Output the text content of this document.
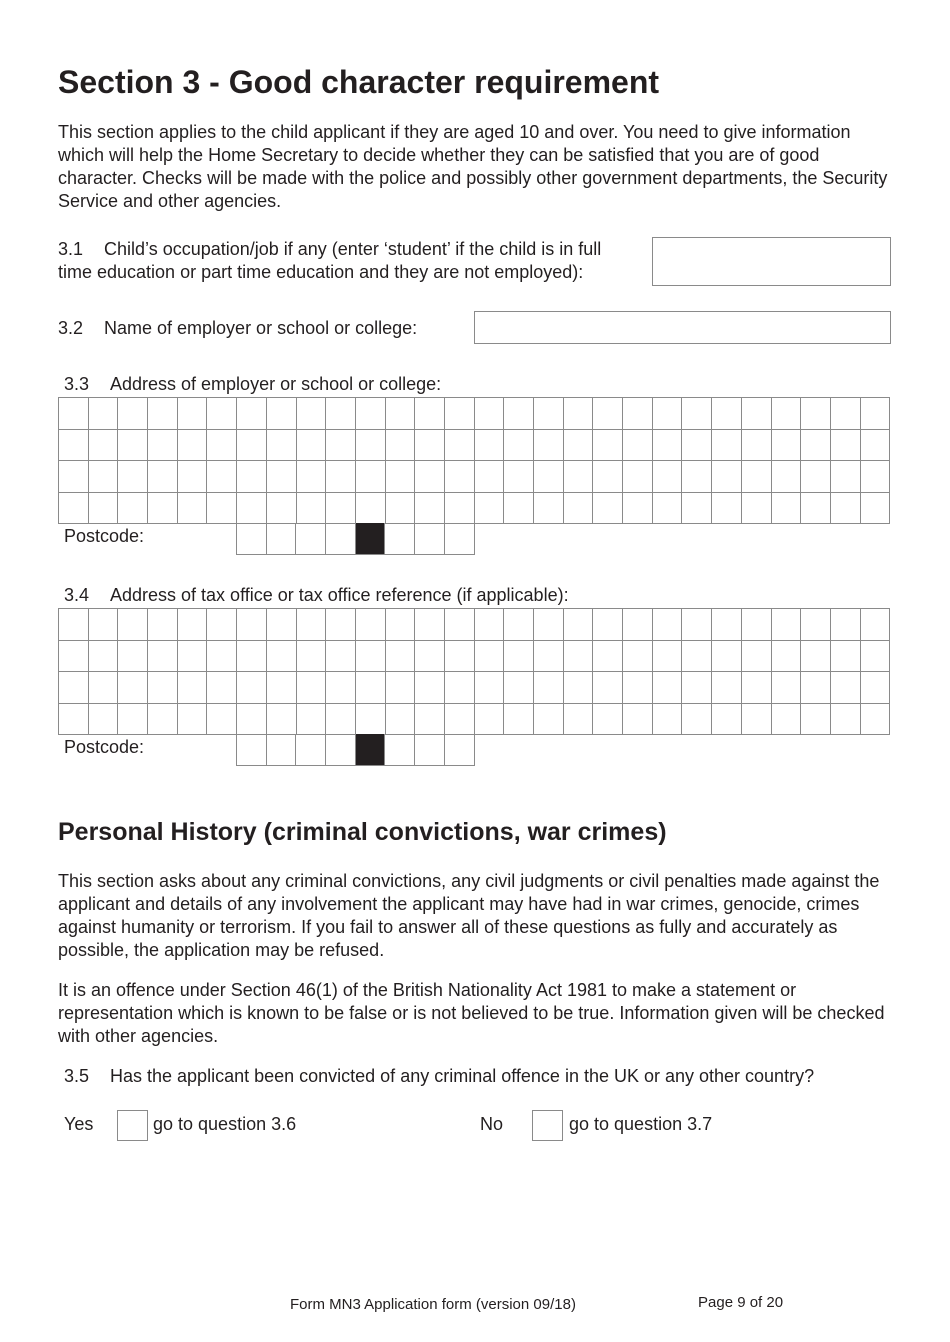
Section 3 - Good character requirement

This section applies to the child applicant if they are aged 10 and over. You need to give information which will help the Home Secretary to decide whether they can be satisfied that you are of good character. Checks will be made with the police and possibly other government departments, the Security Service and other agencies.

3.1 Child’s occupation/job if any (enter ‘student’ if the child is in full
time education or part time education and they are not employed):
3.2 Name of employer or school or college:
3.3 Address of employer or school or college:
Postcode:
3.4 Address of tax office or tax office reference (if applicable):
Postcode:
Personal History (criminal convictions, war crimes)

This section asks about any criminal convictions, any civil judgments or civil penalties made against the applicant and details of any involvement the applicant may have had in war crimes, genocide, crimes against humanity or terrorism. If you fail to answer all of these questions as fully and accurately as possible, the application may be refused.

It is an offence under Section 46(1) of the British Nationality Act 1981 to make a statement or representation which is known to be false or is not believed to be true. Information given will be checked with other agencies.

3.5 Has the applicant been convicted of any criminal offence in the UK or any other country?
Yes	go to question 3.6	No	go to question 3.7
Form MN3 Application form (version 09/18)	Page 9 of 20
